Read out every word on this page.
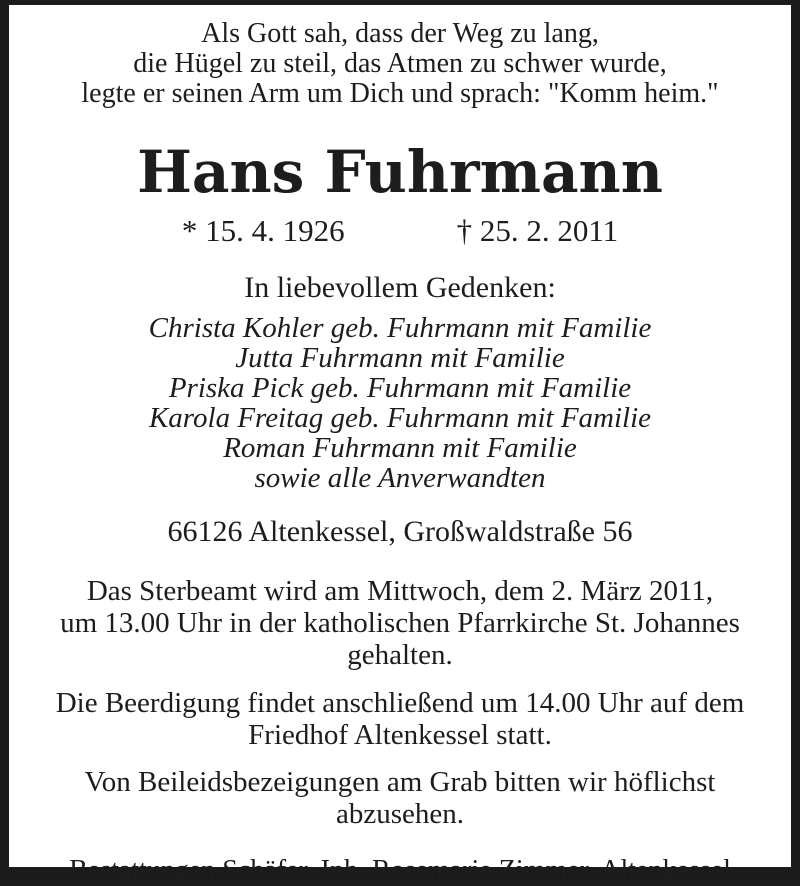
Als Gott sah, dass der Weg zu lang,
die Hügel zu steil, das Atmen zu schwer wurde,
legte er seinen Arm um Dich und sprach: "Komm heim."
Hans Fuhrmann
* 15. 4. 1926	† 25. 2. 2011
In liebevollem Gedenken:
Christa Kohler geb. Fuhrmann mit Familie
Jutta Fuhrmann mit Familie
Priska Pick geb. Fuhrmann mit Familie
Karola Freitag geb. Fuhrmann mit Familie
Roman Fuhrmann mit Familie
sowie alle Anverwandten
66126 Altenkessel, Großwaldstraße 56
Das Sterbeamt wird am Mittwoch, dem 2. März 2011,
um 13.00 Uhr in der katholischen Pfarrkirche St. Johannes
gehalten.
Die Beerdigung findet anschließend um 14.00 Uhr auf dem
Friedhof Altenkessel statt.
Von Beileidsbezeigungen am Grab bitten wir höflichst
abzusehen.
Bestattungen Schäfer, Inh. Rosemarie Zimmer, Altenkessel
